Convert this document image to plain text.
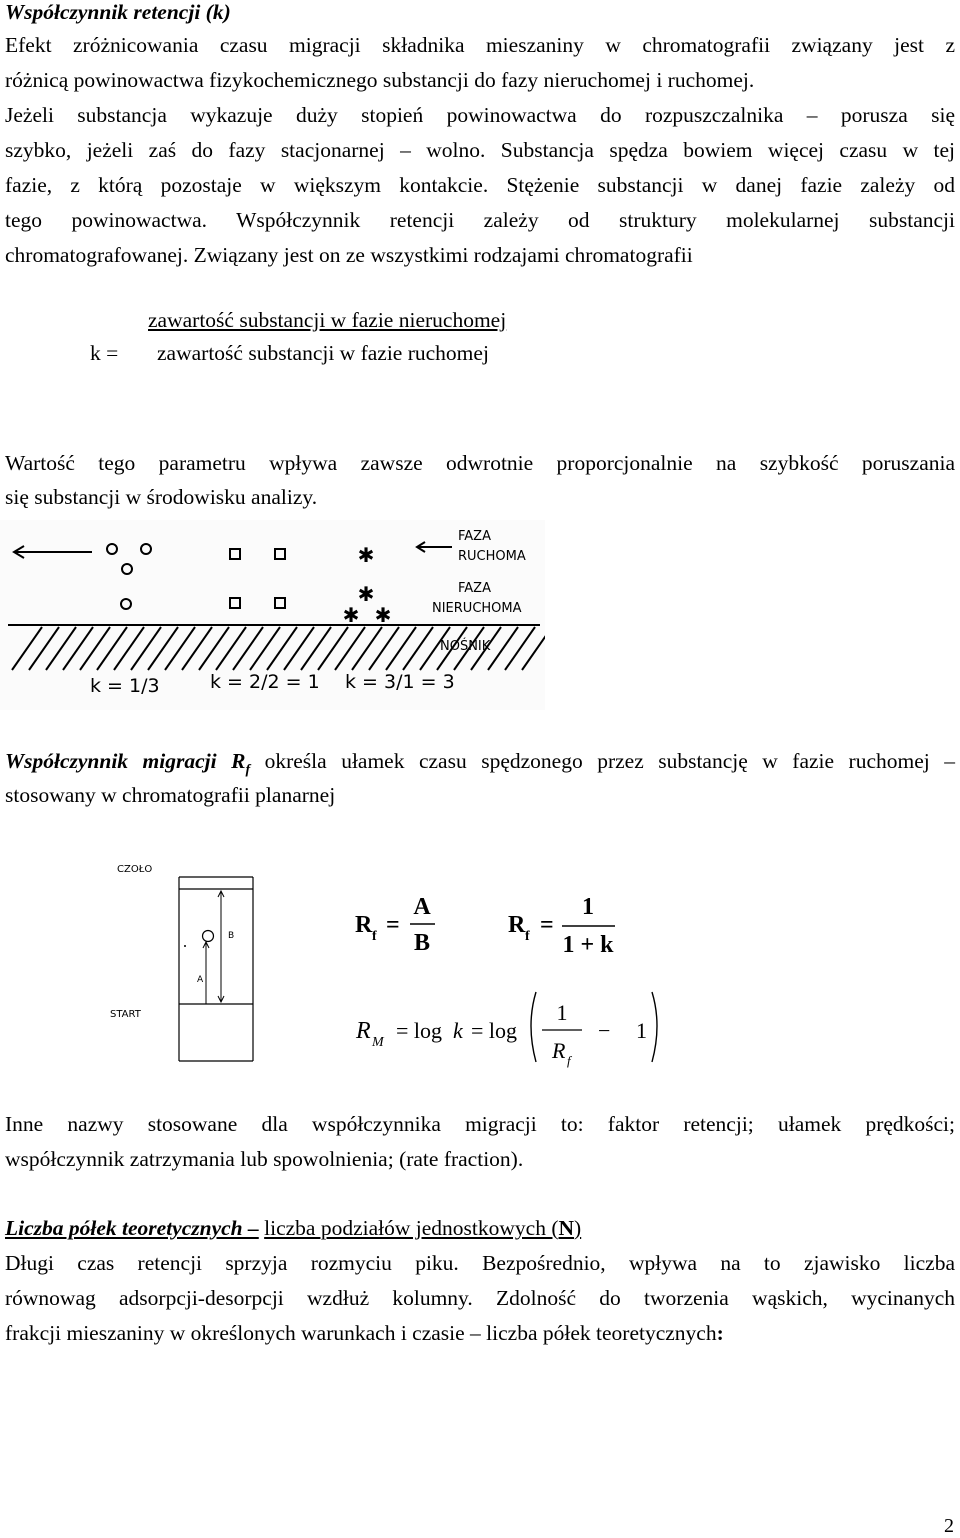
Współczynnik retencji (k)

Efekt zróżnicowania czasu migracji składnika mieszaniny w chromatografii związany jest z

różnicą powinowactwa fizykochemicznego substancji do fazy nieruchomej i ruchomej.

Jeżeli substancja wykazuje duży stopień powinowactwa do rozpuszczalnika – porusza się

szybko, jeżeli zaś do fazy stacjonarnej – wolno. Substancja spędza bowiem więcej czasu w tej

fazie, z którą pozostaje w większym kontakcie. Stężenie substancji w danej fazie zależy od

tego powinowactwa. Współczynnik retencji zależy od struktury molekularnej substancji

chromatografowanej. Związany jest on ze wszystkimi rodzajami chromatografii

k =
zawartość substancji w fazie nieruchomej
zawartość substancji w fazie ruchomej

Wartość tego parametru wpływa zawsze odwrotnie proporcjonalnie na szybkość poruszania

się substancji w środowisku analizy.

✱
✱
✱ ✱
FAZA
RUCHOMA
FAZA
NIERUCHOMA
NOŚNIK
k = 1/3	k = 2/2 = 1 k = 3/1 = 3

Współczynnik migracji $R_f$ określa ułamek czasu spędzonego przez substancję w fazie ruchomej –

stosowany w chromatografii planarnej

CZOŁO
START
A
B	R f =
A
B
R f =
1
1 + k
R M = log k = log
1
R f
− 1

Inne nazwy stosowane dla współczynnika migracji to: faktor retencji; ułamek prędkości;

współczynnik zatrzymania lub spowolnienia; (rate fraction).

Liczba półek teoretycznych – liczba podziałów jednostkowych (N)

Długi czas retencji sprzyja rozmyciu piku. Bezpośrednio, wpływa na to zjawisko liczba

równowag adsorpcji-desorpcji wzdłuż kolumny. Zdolność do tworzenia wąskich, wycinanych

frakcji mieszaniny w określonych warunkach i czasie – liczba półek teoretycznych:

2
